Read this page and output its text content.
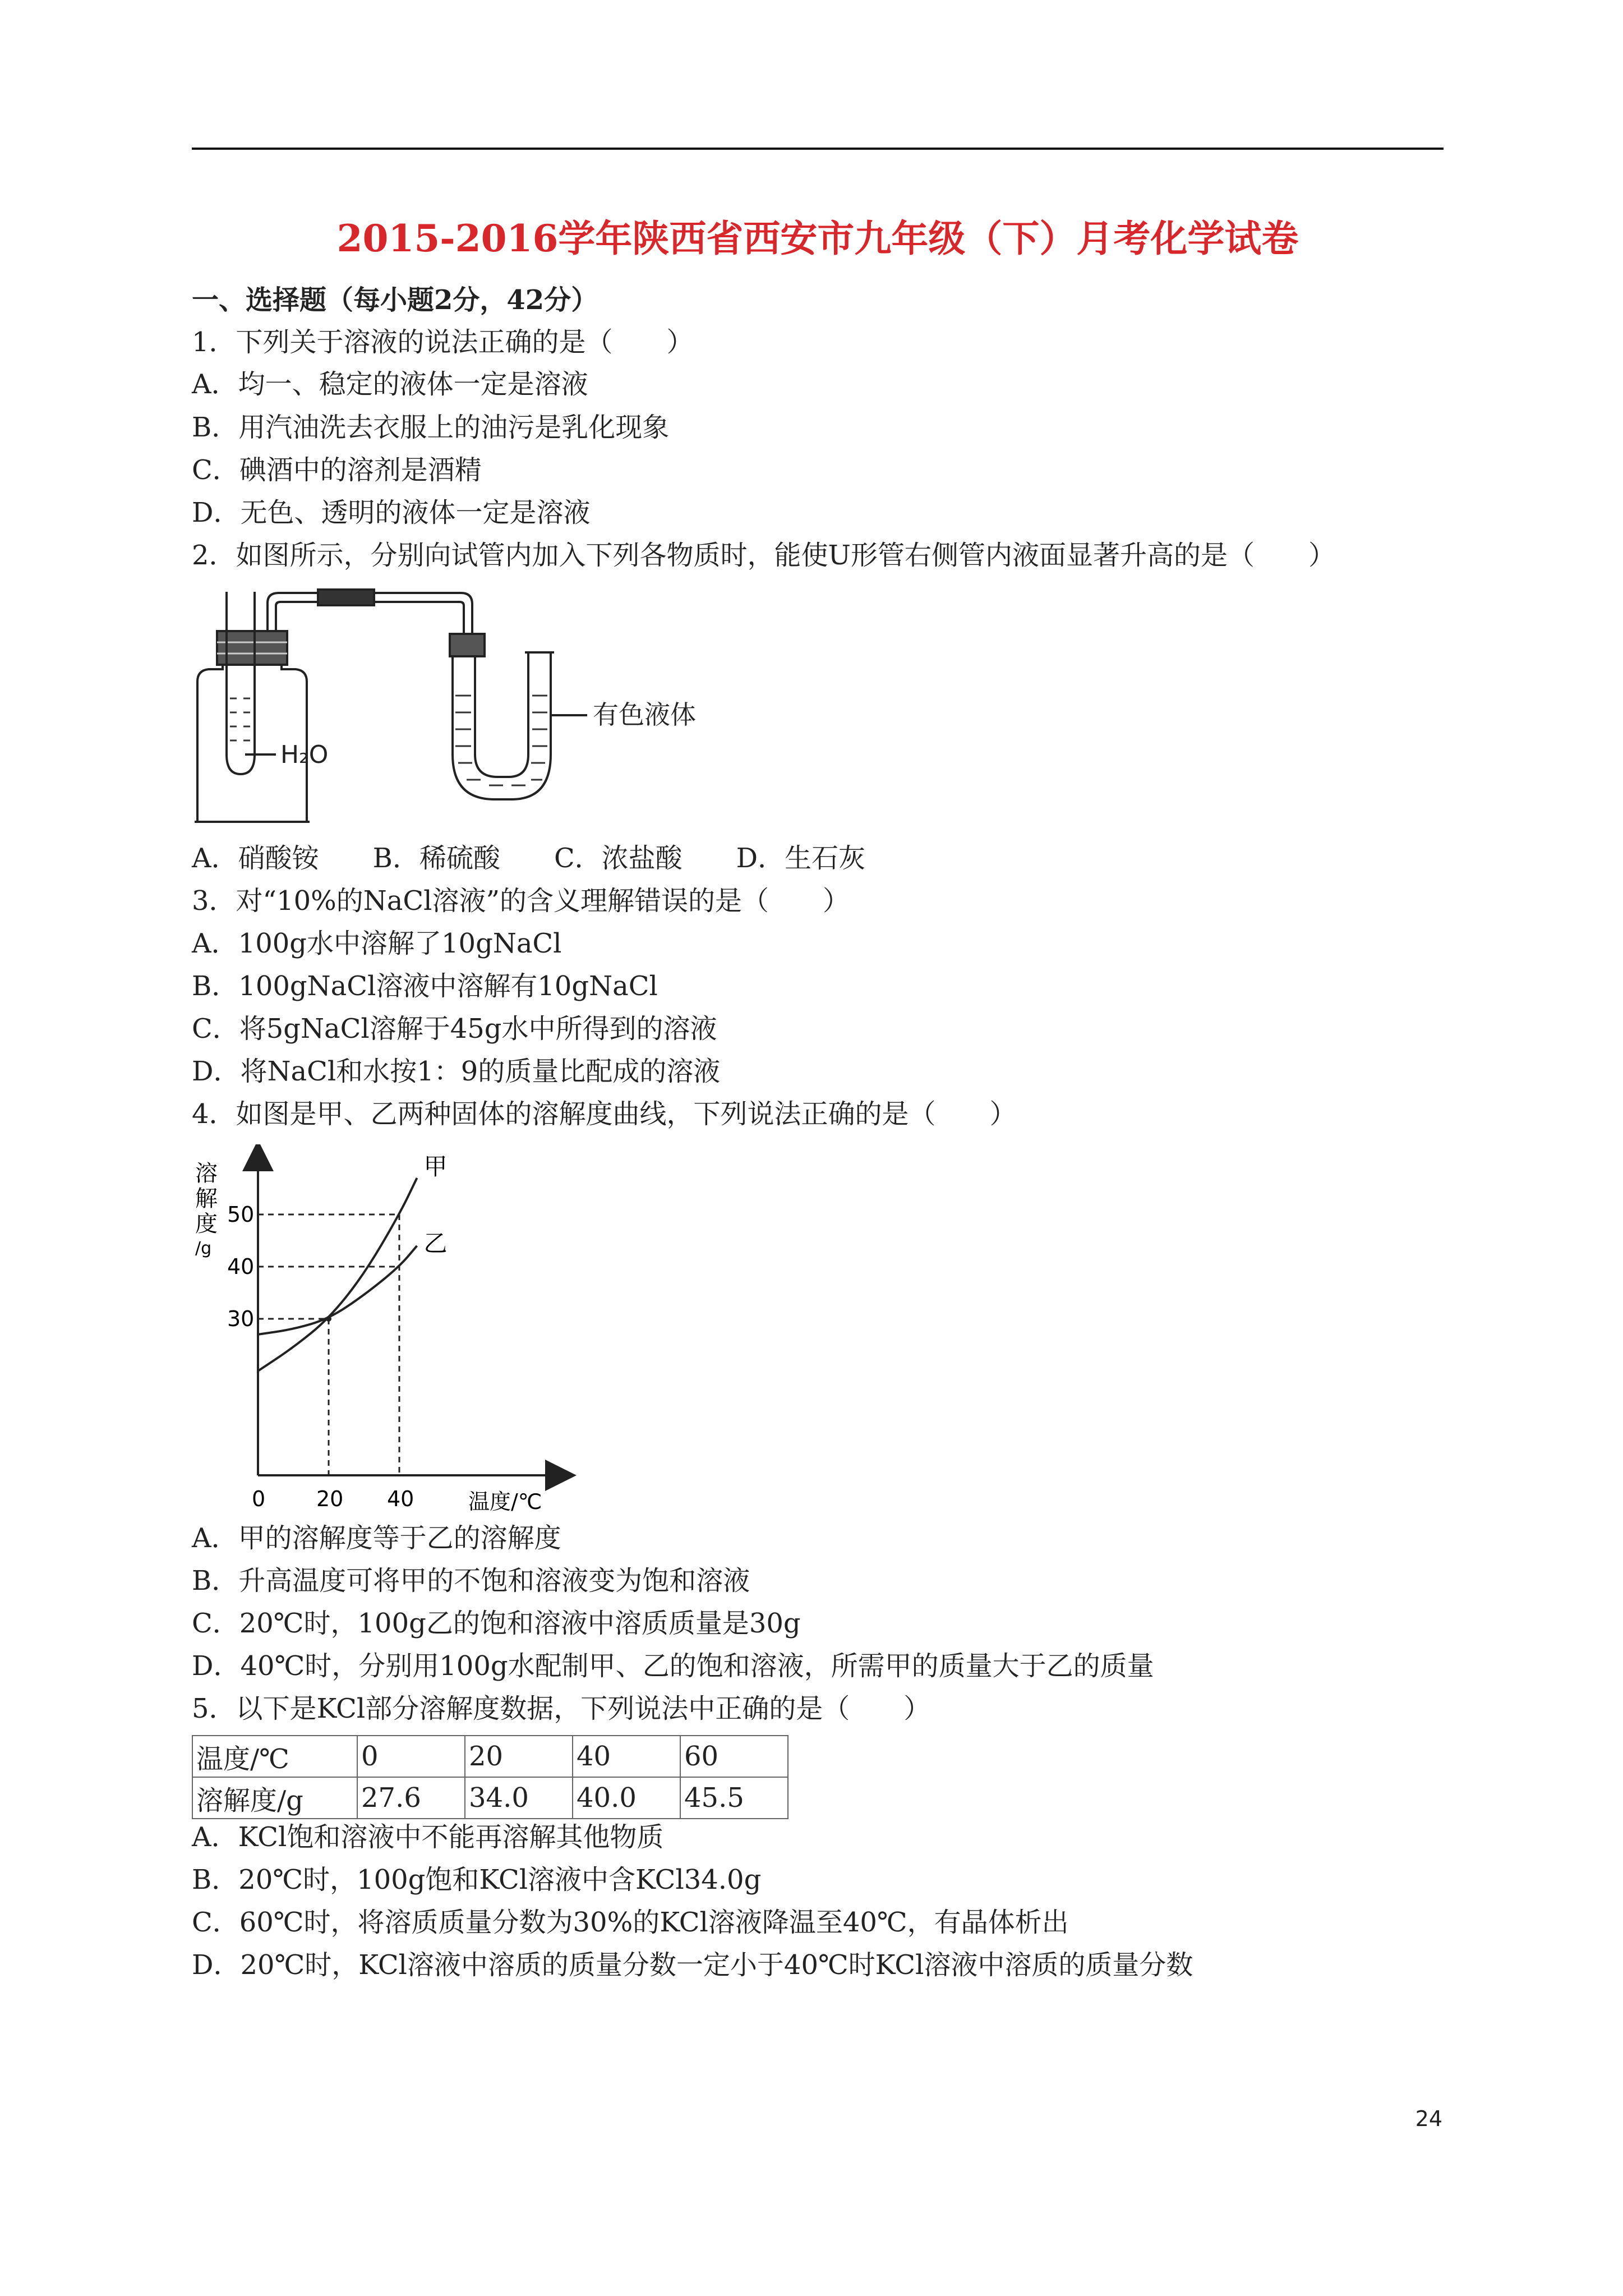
2015-2016学年陕西省西安市九年级（下）月考化学试卷
一、选择题（每小题2分，42分）
1．下列关于溶液的说法正确的是（　　）
A．均一、稳定的液体一定是溶液
B．用汽油洗去衣服上的油污是乳化现象
C．碘酒中的溶剂是酒精
D．无色、透明的液体一定是溶液
2．如图所示，分别向试管内加入下列各物质时，能使U形管右侧管内液面显著升高的是（　　）
H₂O
有色液体
A．硝酸铵　　B．稀硫酸　　C．浓盐酸　　D．生石灰
3．对“10%的NaCl溶液”的含义理解错误的是（　　）
A．100g水中溶解了10gNaCl
B．100gNaCl溶液中溶解有10gNaCl
C．将5gNaCl溶解于45g水中所得到的溶液
D．将NaCl和水按1：9的质量比配成的溶液
4．如图是甲、乙两种固体的溶解度曲线，下列说法正确的是（　　）
甲
乙
0 20 40
30
40
50
溶
解
度
/g
温度/℃
A．甲的溶解度等于乙的溶解度
B．升高温度可将甲的不饱和溶液变为饱和溶液
C．20℃时，100g乙的饱和溶液中溶质质量是30g
D．40℃时，分别用100g水配制甲、乙的饱和溶液，所需甲的质量大于乙的质量
5．以下是KCl部分溶解度数据，下列说法中正确的是（　　）
温度/℃	0	20	40	60
溶解度/g	27.6	34.0	40.0	45.5
A．KCl饱和溶液中不能再溶解其他物质
B．20℃时，100g饱和KCl溶液中含KCl34.0g
C．60℃时，将溶质质量分数为30%的KCl溶液降温至40℃，有晶体析出
D．20℃时，KCl溶液中溶质的质量分数一定小于40℃时KCl溶液中溶质的质量分数
24
